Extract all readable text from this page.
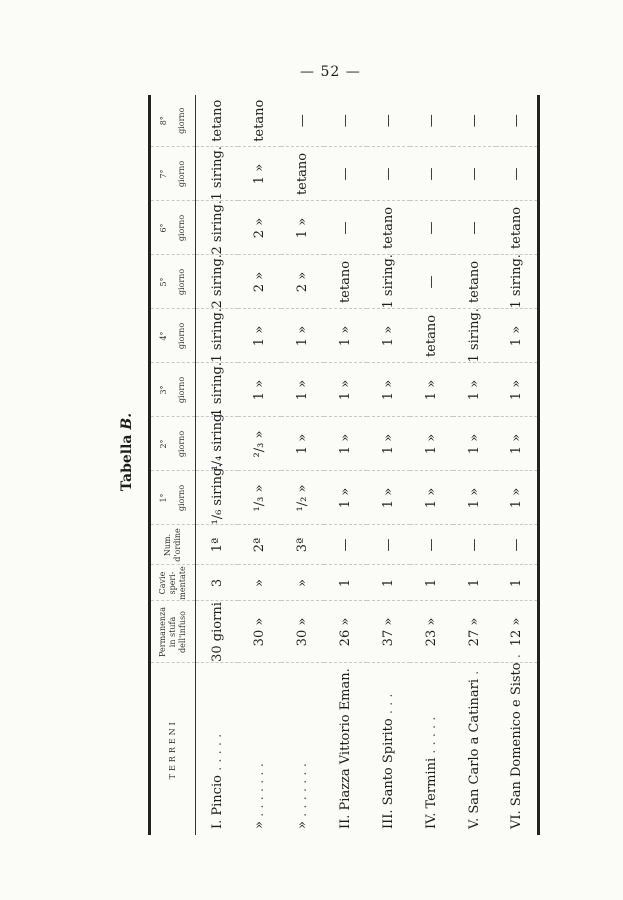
— 52 —
Tabella B.
TERRENI	Permanenza in stufa dell'infuso	Cavie speri- mentate	Num. d'ordine	1° giorno	2° giorno	3° giorno	4° giorno	5° giorno	6° giorno	7° giorno	8° giorno

I. Pincio . . . . .	30 giorni	3	1ª	¹/₆ siring.	¹/₄ siring.	1 siring.	1 siring.	2 siring.	2 siring.	1 siring.	tetano
» . . . . . . .	30 »	»	2ª	¹/₃ »	²/₃ »	1 »	1 »	2 »	2 »	1 »	tetano
» . . . . . . .	30 »	»	3ª	¹/₂ »	1 »	1 »	1 »	2 »	1 »	tetano	—
II. Piazza Vittorio Eman.	26 »	1	—	1 »	1 »	1 »	1 »	tetano	—	—	—
III. Santo Spirito . . .	37 »	1	—	1 »	1 »	1 »	1 »	1 siring.	tetano	—	—
IV. Termini . . . . .	23 »	1	—	1 »	1 »	1 »	tetano	—	—	—	—
V. San Carlo a Catinari .	27 »	1	—	1 »	1 »	1 »	1 siring.	tetano	—	—	—
VI. San Domenico e Sisto .	12 »	1	—	1 »	1 »	1 »	1 »	1 siring.	tetano	—	—
